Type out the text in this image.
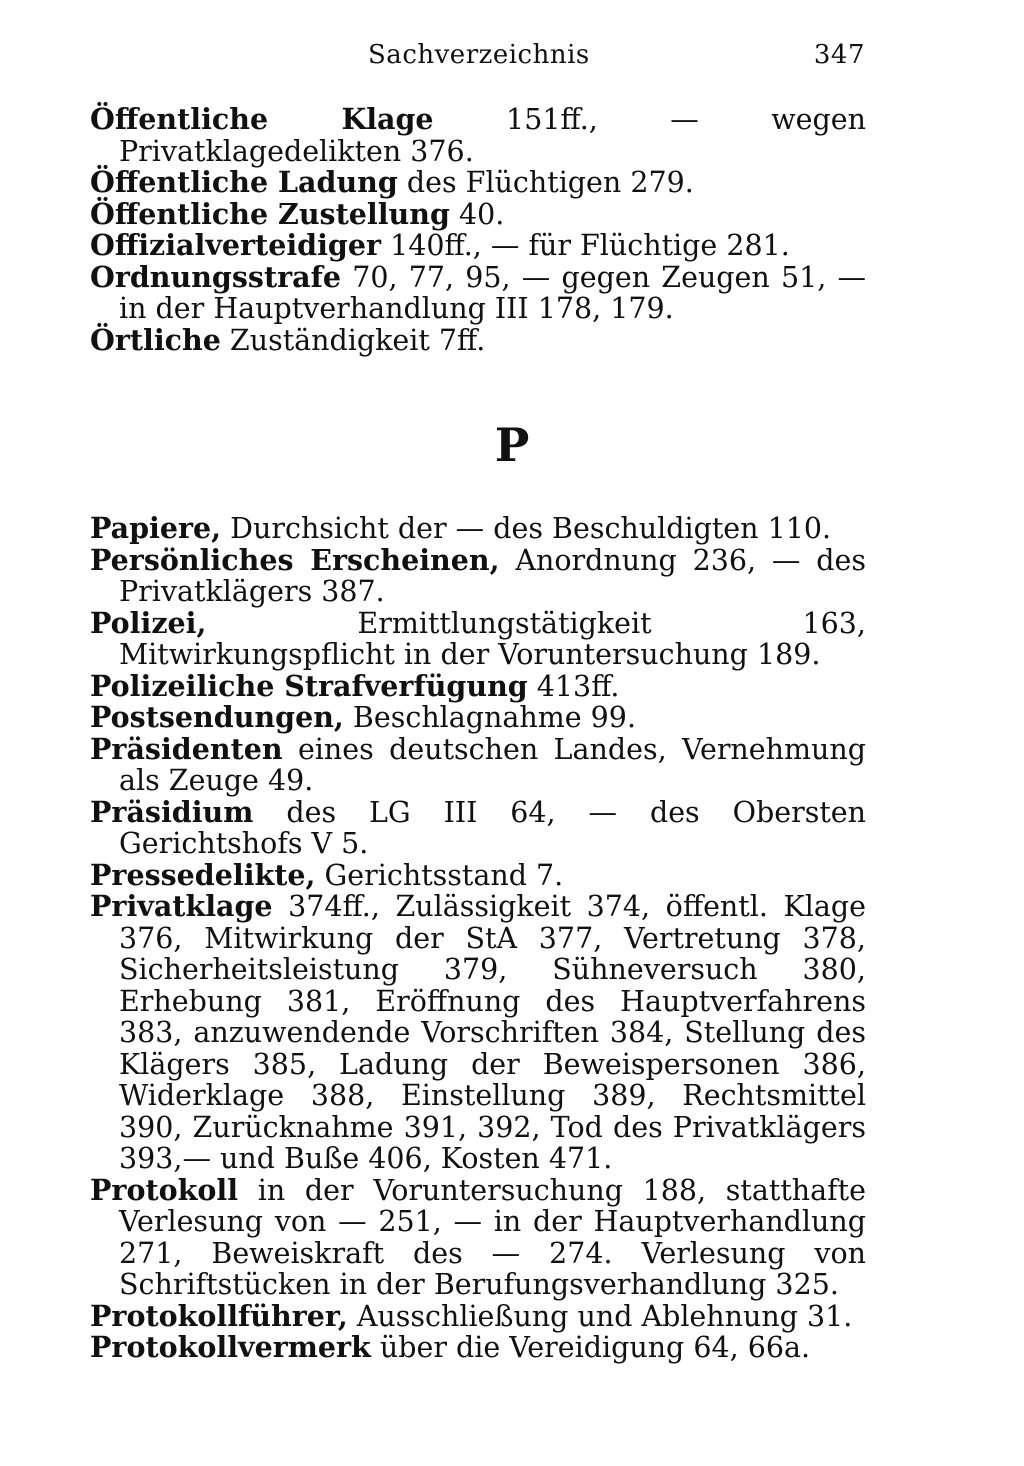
Sachverzeichnis	347

Öffentliche Klage 151ff., — wegen Privatklagedelikten 376.

Öffentliche Ladung des Flüchtigen 279.

Öffentliche Zustellung 40.

Offizialverteidiger 140ff., — für Flüchtige 281.

Ordnungsstrafe 70, 77, 95, — gegen Zeugen 51, — in der Hauptverhandlung III 178, 179.

Örtliche Zuständigkeit 7ff.

P

Papiere, Durchsicht der — des Beschuldigten 110.

Persönliches Erscheinen, Anordnung 236, — des Privatklägers 387.

Polizei, Ermittlungstätigkeit 163, Mitwirkungspflicht in der Voruntersuchung 189.

Polizeiliche Strafverfügung 413ff.

Postsendungen, Beschlagnahme 99.

Präsidenten eines deutschen Landes, Vernehmung als Zeuge 49.

Präsidium des LG III 64, — des Obersten Gerichtshofs V 5.

Pressedelikte, Gerichtsstand 7.

Privatklage 374ff., Zulässigkeit 374, öffentl. Klage 376, Mitwirkung der StA 377, Vertretung 378, Sicherheitsleistung 379, Sühneversuch 380, Erhebung 381, Eröffnung des Hauptverfahrens 383, anzuwendende Vorschriften 384, Stellung des Klägers 385, Ladung der Beweispersonen 386, Widerklage 388, Einstellung 389, Rechtsmittel 390, Zurücknahme 391, 392, Tod des Privatklägers 393,— und Buße 406, Kosten 471.

Protokoll in der Voruntersuchung 188, statthafte Verlesung von — 251, — in der Hauptverhandlung 271, Beweiskraft des — 274. Verlesung von Schriftstücken in der Berufungsverhandlung 325.

Protokollführer, Ausschließung und Ablehnung 31.

Protokollvermerk über die Vereidigung 64, 66a.
